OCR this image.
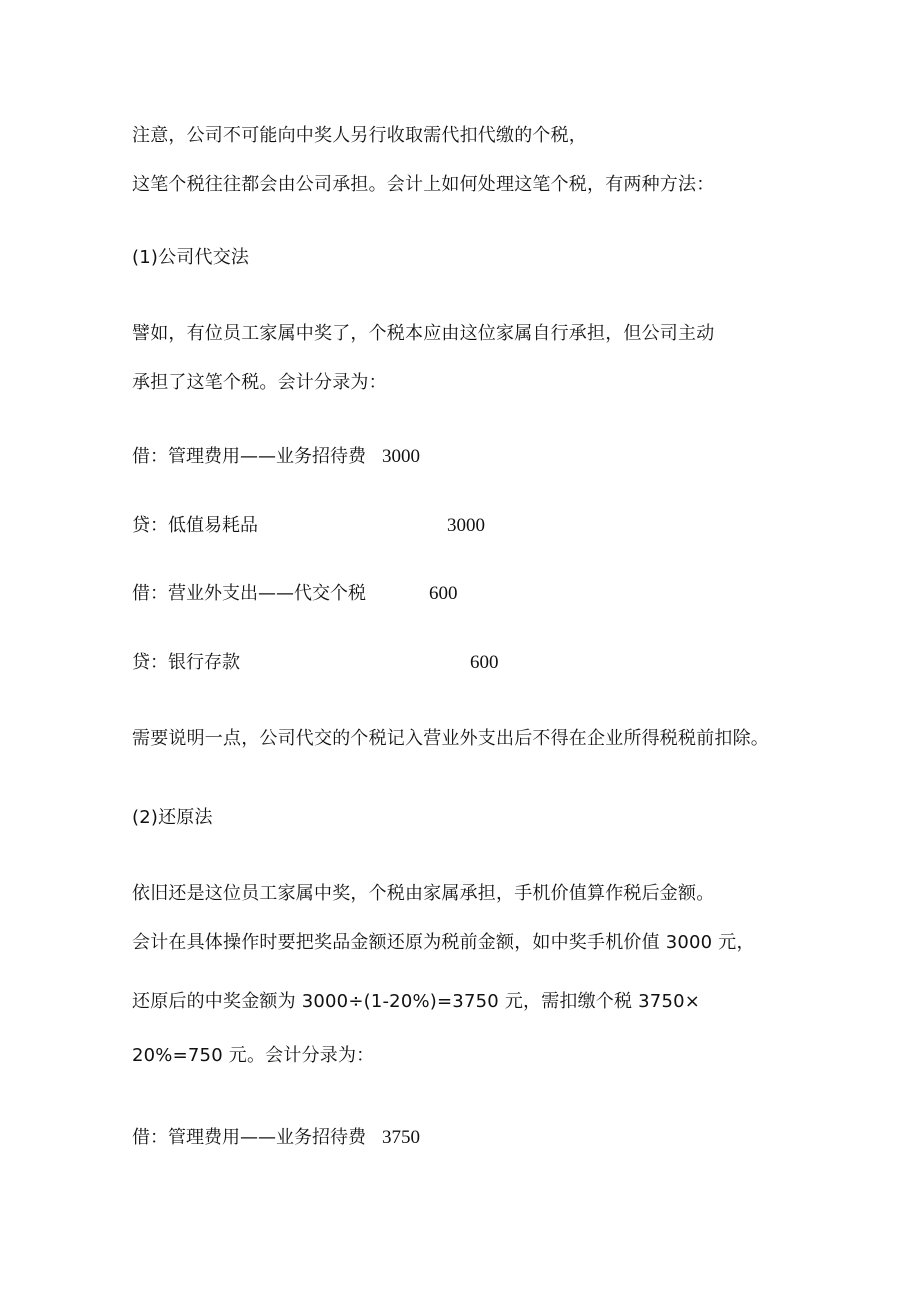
注意，公司不可能向中奖人另行收取需代扣代缴的个税，
这笔个税往往都会由公司承担。会计上如何处理这笔个税，有两种方法：
(1)公司代交法
譬如，有位员工家属中奖了，个税本应由这位家属自行承担，但公司主动
承担了这笔个税。会计分录为：
借：管理费用——业务招待费 3000
贷：低值易耗品	3000
借：营业外支出——代交个税	600
贷：银行存款	600
需要说明一点，公司代交的个税记入营业外支出后不得在企业所得税税前扣除。
(2)还原法
依旧还是这位员工家属中奖，个税由家属承担，手机价值算作税后金额。
会计在具体操作时要把奖品金额还原为税前金额，如中奖手机价值 3000 元，
还原后的中奖金额为 3000÷(1-20%)=3750 元，需扣缴个税 3750×
20%=750 元。会计分录为：
借：管理费用——业务招待费 3750
